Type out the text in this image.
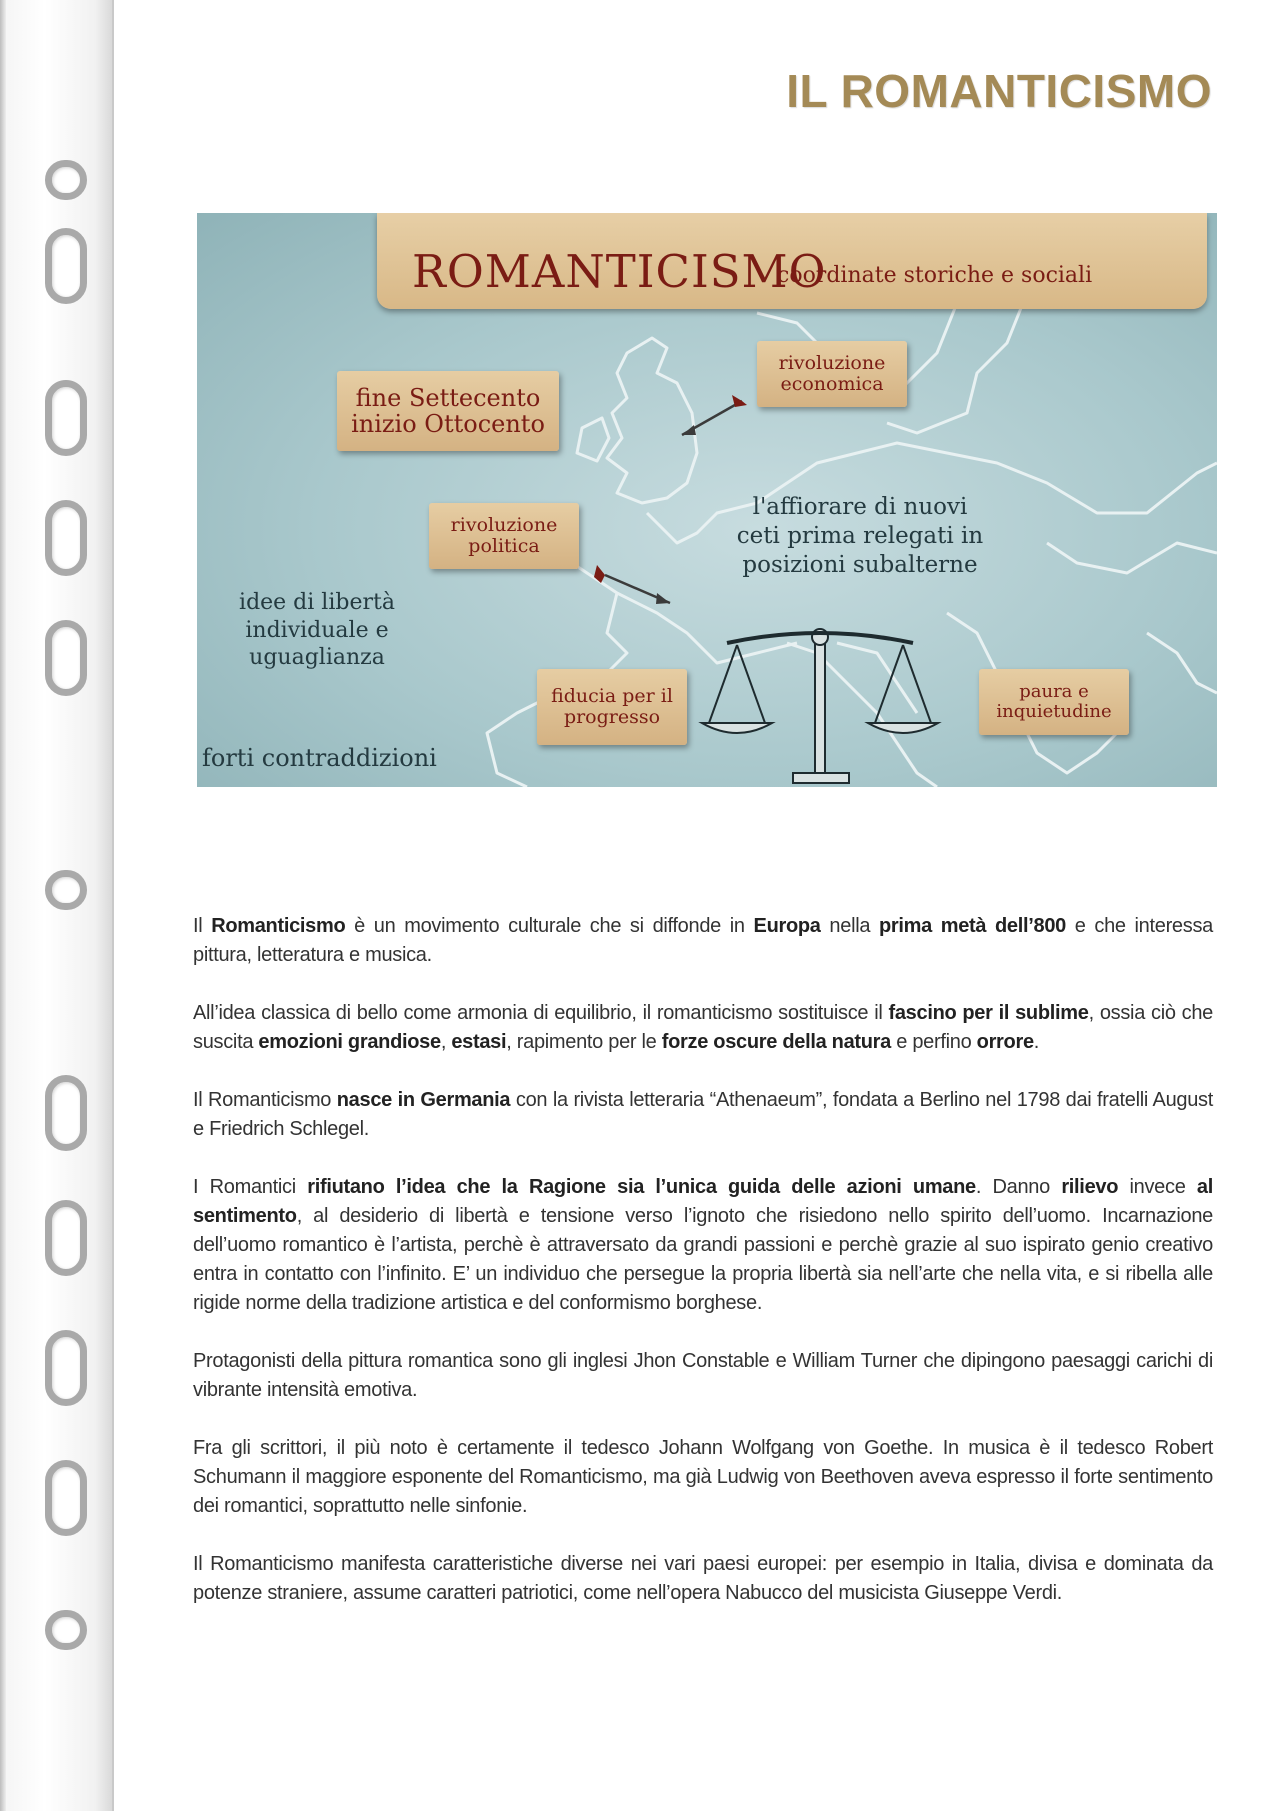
IL ROMANTICISMO
ROMANTICISMO
coordinate storiche e sociali
fine Settecento inizio Ottocento
rivoluzione economica
rivoluzione politica
fiducia per il progresso
paura e inquietudine
l'affiorare di nuovi ceti prima relegati in posizioni subalterne
idee di libertà individuale e uguaglianza
forti contraddizioni

Il Romanticismo è un movimento culturale che si diffonde in Europa nella prima metà dell’800 e che interessa pittura, letteratura e musica.

All’idea classica di bello come armonia di equilibrio, il romanticismo sostituisce il fascino per il sublime, ossia ciò che suscita emozioni grandiose, estasi, rapimento per le forze oscure della natura e perfino orrore.

Il Romanticismo nasce in Germania con la rivista letteraria “Athenaeum”, fondata a Berlino nel 1798 dai fratelli August e Friedrich Schlegel.

I Romantici rifiutano l’idea che la Ragione sia l’unica guida delle azioni umane. Danno rilievo invece al sentimento, al desiderio di libertà e tensione verso l’ignoto che risiedono nello spirito dell’uomo. Incarnazione dell’uomo romantico è l’artista, perchè è attraversato da grandi passioni e perchè grazie al suo ispirato genio creativo entra in contatto con l’infinito. E’ un individuo che persegue la propria libertà sia nell’arte che nella vita, e si ribella alle rigide norme della tradizione artistica e del conformismo borghese.

Protagonisti della pittura romantica sono gli inglesi Jhon Constable e William Turner che dipingono paesaggi carichi di vibrante intensità emotiva.

Fra gli scrittori, il più noto è certamente il tedesco Johann Wolfgang von Goethe. In musica è il tedesco Robert Schumann il maggiore esponente del Romanticismo, ma già Ludwig von Beethoven aveva espresso il forte sentimento dei romantici, soprattutto nelle sinfonie.

Il Romanticismo manifesta caratteristiche diverse nei vari paesi europei: per esempio in Italia, divisa e dominata da potenze straniere, assume caratteri patriotici, come nell’opera Nabucco del musicista Giuseppe Verdi.
